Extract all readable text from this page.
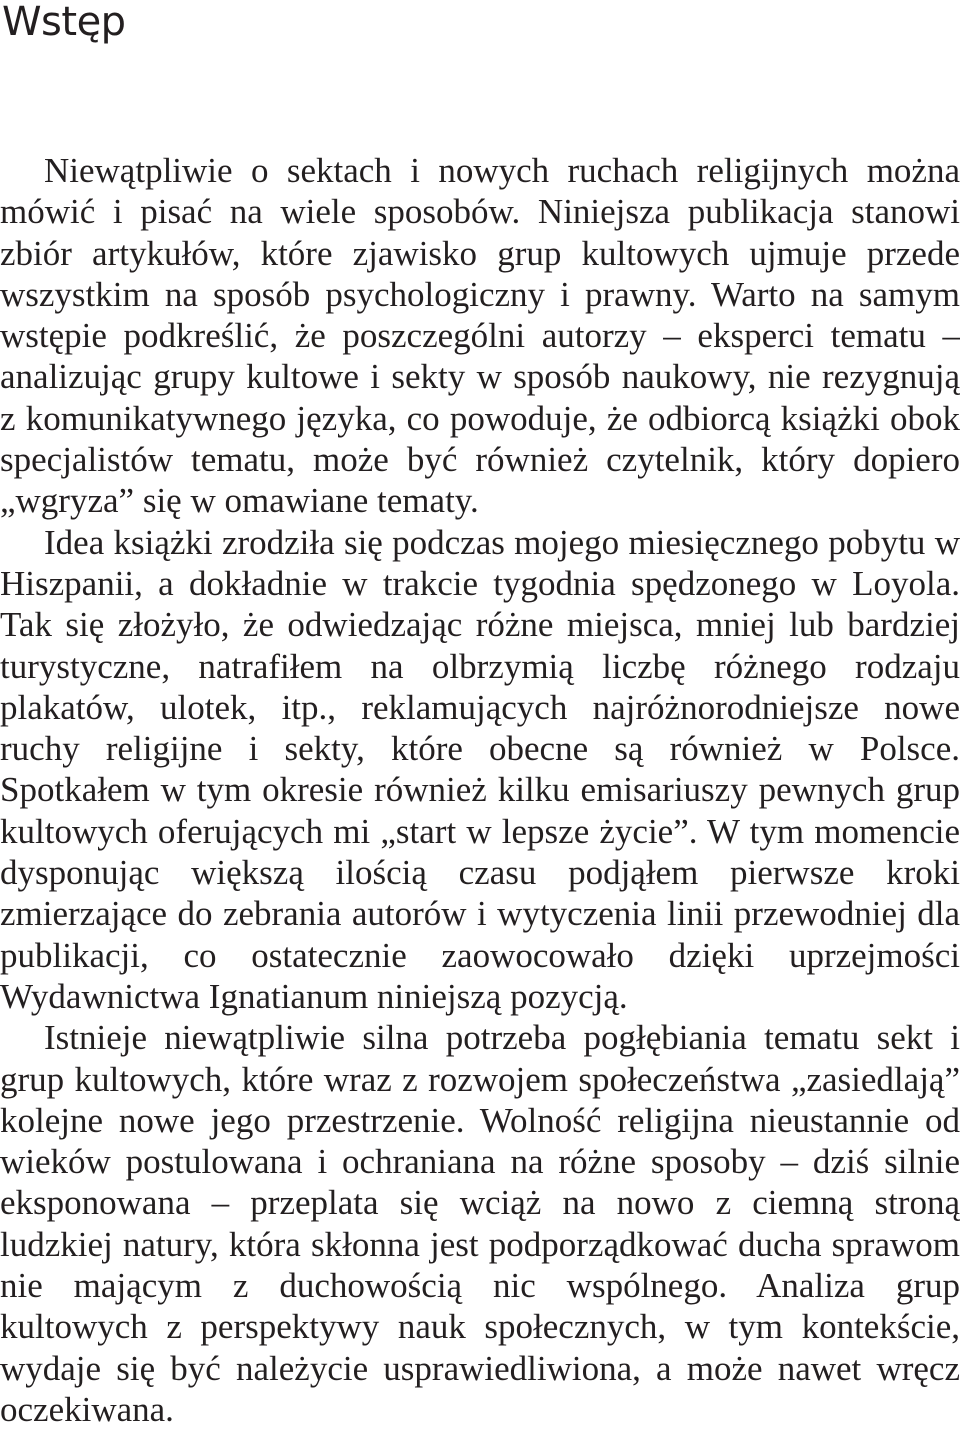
Wstęp

Niewątpliwie o sektach i nowych ruchach religijnych można mówić i pisać na wiele sposobów. Niniejsza publikacja stanowi zbiór artykułów, które zjawisko grup kultowych ujmuje przede wszystkim na sposób psychologiczny i prawny. Warto na samym wstępie podkreślić, że poszczególni autorzy – eksperci tematu – analizując grupy kultowe i sekty w sposób naukowy, nie rezygnują z komunikatywnego języka, co powoduje, że odbiorcą książki obok specjalistów tematu, może być również czytelnik, który dopiero „wgryza” się w omawiane tematy.

Idea książki zrodziła się podczas mojego miesięcznego pobytu w Hiszpanii, a dokładnie w trakcie tygodnia spędzonego w Loyola. Tak się złożyło, że odwiedzając różne miejsca, mniej lub bardziej turystyczne, natrafiłem na olbrzymią liczbę różnego rodzaju plakatów, ulotek, itp., reklamujących najróżnorodniejsze nowe ruchy religijne i sekty, które obecne są również w Polsce. Spotkałem w tym okresie również kilku emisariuszy pewnych grup kultowych oferujących mi „start w lepsze życie”. W tym momencie dysponując większą ilością czasu podjąłem pierwsze kroki zmierzające do zebrania autorów i wytyczenia linii przewodniej dla publikacji, co ostatecznie zaowocowało dzięki uprzejmości Wydawnictwa Ignatianum niniejszą pozycją.

Istnieje niewątpliwie silna potrzeba pogłębiania tematu sekt i grup kultowych, które wraz z rozwojem społeczeństwa „zasiedlają” kolejne nowe jego przestrzenie. Wolność religijna nieustannie od wieków postulowana i ochraniana na różne sposoby – dziś silnie eksponowana – przeplata się wciąż na nowo z ciemną stroną ludzkiej natury, która skłonna jest podporządkować ducha sprawom nie mającym z duchowością nic wspólnego. Analiza grup kultowych z perspektywy nauk społecznych, w tym kontekście, wydaje się być należycie usprawiedliwiona, a może nawet wręcz oczekiwana.
